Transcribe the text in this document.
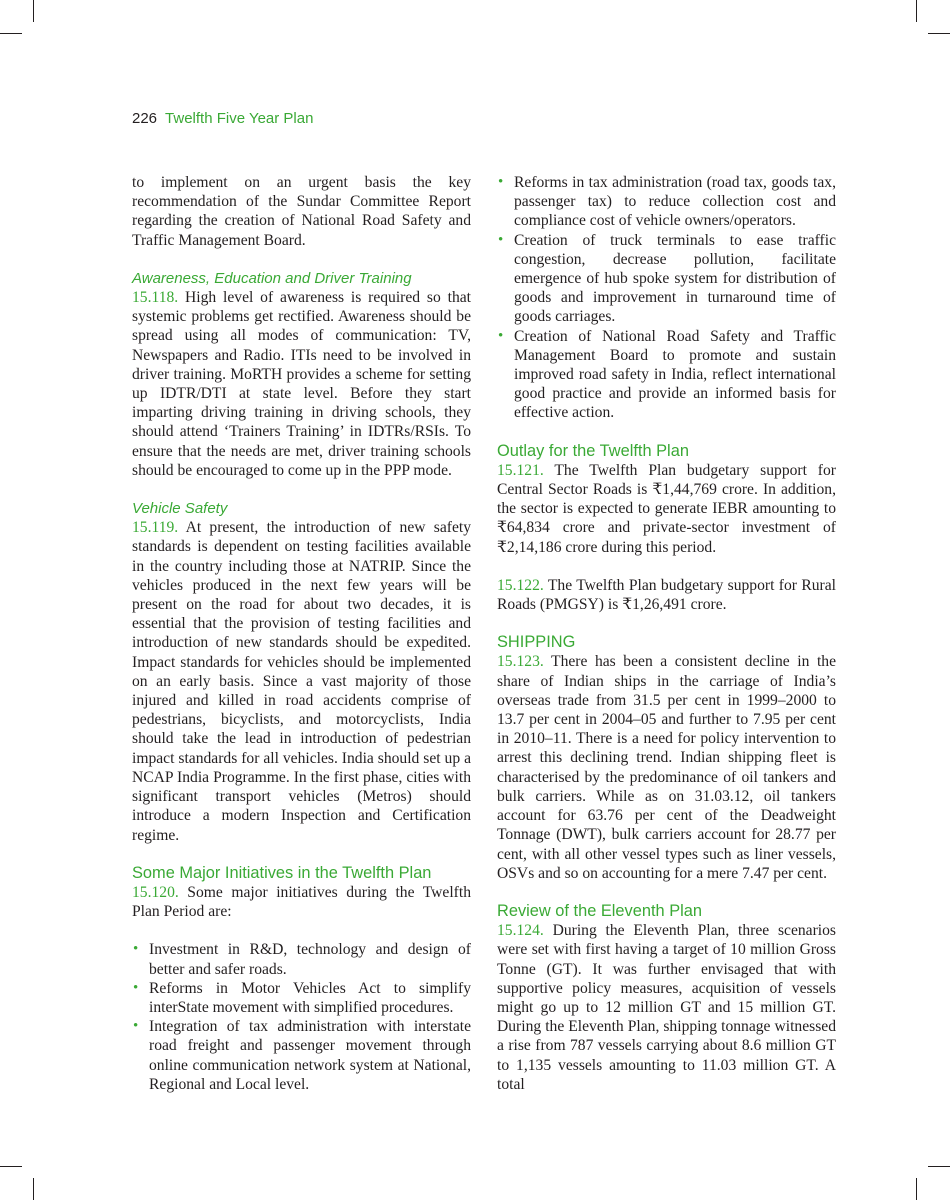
226 Twelfth Five Year Plan

to implement on an urgent basis the key recommendation of the Sundar Committee Report regarding the creation of National Road Safety and Traffic Management Board.

Awareness, Education and Driver Training

15.118. High level of awareness is required so that systemic problems get rectified. Awareness should be spread using all modes of communication: TV, Newspapers and Radio. ITIs need to be involved in driver training. MoRTH provides a scheme for setting up IDTR/DTI at state level. Before they start imparting driving training in driving schools, they should attend ‘Trainers Training’ in IDTRs/RSIs. To ensure that the needs are met, driver training schools should be encouraged to come up in the PPP mode.

Vehicle Safety

15.119. At present, the introduction of new safety standards is dependent on testing facilities available in the country including those at NATRIP. Since the vehicles produced in the next few years will be present on the road for about two decades, it is essential that the provision of testing facilities and introduction of new standards should be expedited. Impact standards for vehicles should be implemented on an early basis. Since a vast majority of those injured and killed in road accidents comprise of pedestrians, bicyclists, and motorcyclists, India should take the lead in introduction of pedestrian impact standards for all vehicles. India should set up a NCAP India Programme. In the first phase, cities with significant transport vehicles (Metros) should introduce a modern Inspection and Certification regime.

Some Major Initiatives in the Twelfth Plan

15.120. Some major initiatives during the Twelfth Plan Period are:

• Investment in R&D, technology and design of better and safer roads.
• Reforms in Motor Vehicles Act to simplify interState movement with simplified procedures.
• Integration of tax administration with interstate road freight and passenger movement through online communication network system at National, Regional and Local level.
• Reforms in tax administration (road tax, goods tax, passenger tax) to reduce collection cost and compliance cost of vehicle owners/operators.
• Creation of truck terminals to ease traffic congestion, decrease pollution, facilitate emergence of hub spoke system for distribution of goods and improvement in turnaround time of goods carriages.
• Creation of National Road Safety and Traffic Management Board to promote and sustain improved road safety in India, reflect international good practice and provide an informed basis for effective action.
Outlay for the Twelfth Plan

15.121. The Twelfth Plan budgetary support for Central Sector Roads is ₹1,44,769 crore. In addition, the sector is expected to generate IEBR amounting to ₹64,834 crore and private-sector investment of ₹2,14,186 crore during this period.

15.122. The Twelfth Plan budgetary support for Rural Roads (PMGSY) is ₹1,26,491 crore.

SHIPPING

15.123. There has been a consistent decline in the share of Indian ships in the carriage of India’s overseas trade from 31.5 per cent in 1999–2000 to 13.7 per cent in 2004–05 and further to 7.95 per cent in 2010–11. There is a need for policy intervention to arrest this declining trend. Indian shipping fleet is characterised by the predominance of oil tankers and bulk carriers. While as on 31.03.12, oil tankers account for 63.76 per cent of the Deadweight Tonnage (DWT), bulk carriers account for 28.77 per cent, with all other vessel types such as liner vessels, OSVs and so on accounting for a mere 7.47 per cent.

Review of the Eleventh Plan

15.124. During the Eleventh Plan, three scenarios were set with first having a target of 10 million Gross Tonne (GT). It was further envisaged that with supportive policy measures, acquisition of vessels might go up to 12 million GT and 15 million GT. During the Eleventh Plan, shipping tonnage witnessed a rise from 787 vessels carrying about 8.6 million GT to 1,135 vessels amounting to 11.03 million GT. A total
